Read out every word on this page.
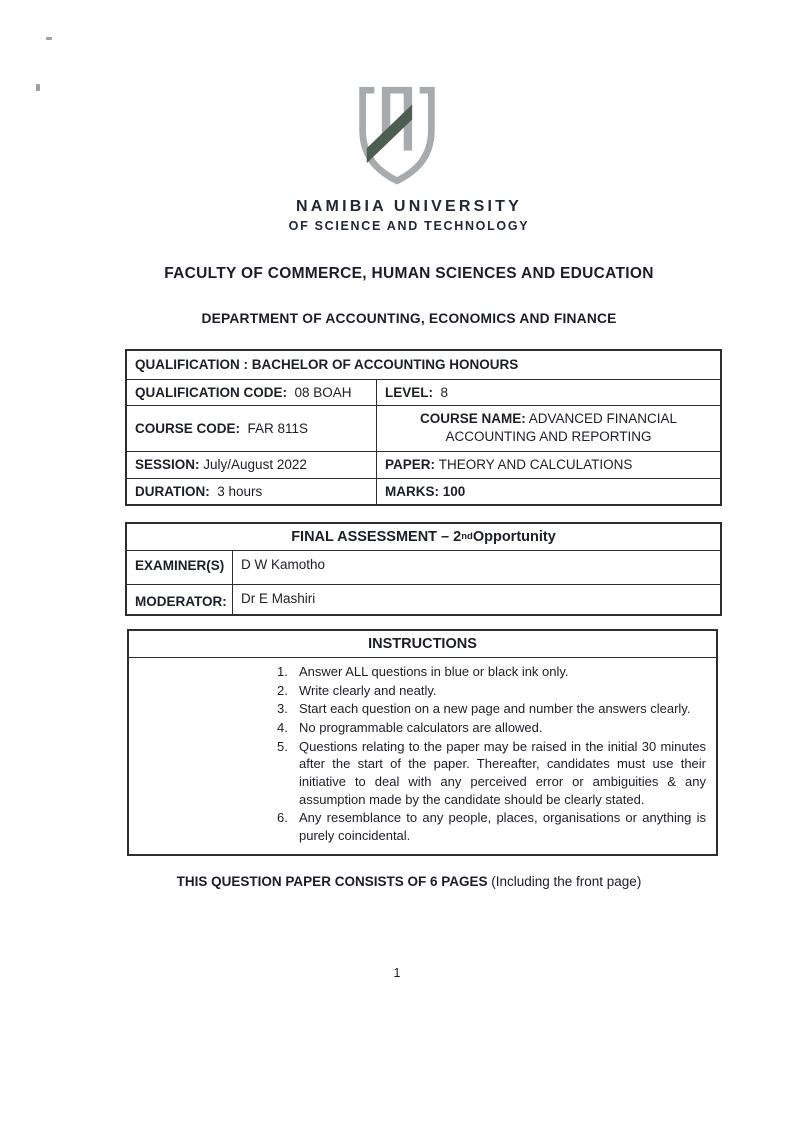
NAMIBIA UNIVERSITY
OF SCIENCE AND TECHNOLOGY
FACULTY OF COMMERCE, HUMAN SCIENCES AND EDUCATION
DEPARTMENT OF ACCOUNTING, ECONOMICS AND FINANCE
QUALIFICATION : BACHELOR OF ACCOUNTING HONOURS
QUALIFICATION CODE: 08 BOAH LEVEL: 8
COURSE CODE: FAR 811S
COURSE NAME: ADVANCED FINANCIAL ACCOUNTING AND REPORTING
SESSION: July/August 2022	PAPER: THEORY AND CALCULATIONS
DURATION: 3 hours	MARKS: 100
FINAL ASSESSMENT – 2 nd Opportunity
EXAMINER(S) D W Kamotho
MODERATOR: Dr E Mashiri
INSTRUCTIONS
1. Answer ALL questions in blue or black ink only.
2. Write clearly and neatly.
3. Start each question on a new page and number the answers clearly.
4. No programmable calculators are allowed.
5. Questions relating to the paper may be raised in the initial 30 minutes after the start of the paper. Thereafter, candidates must use their initiative to deal with any perceived error or ambiguities & any assumption made by the candidate should be clearly stated.
6. Any resemblance to any people, places, organisations or anything is purely coincidental.
THIS QUESTION PAPER CONSISTS OF 6 PAGES (Including the front page)
1
